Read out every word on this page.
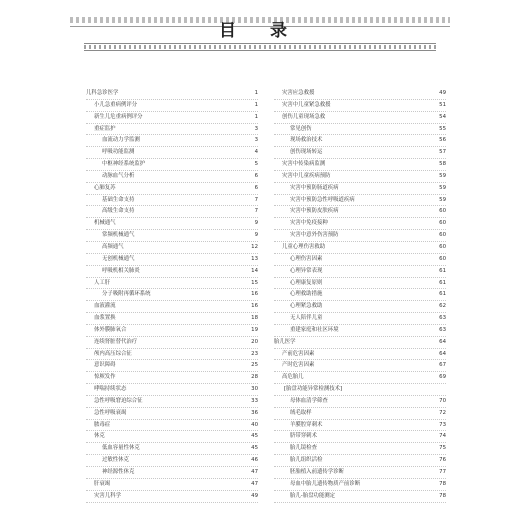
目 录
儿科急诊医学	1
小儿急重病例评分	1
新生儿危重病例评分	1
重症监护	3
血流动力学监测	3
呼吸功能监测	4
中枢神经系统监护	5
动脉血气分析	6
心肺复苏	6
基础生命支持	7
高级生命支持	7
机械通气	9
常频机械通气	9
高频通气	12
无创机械通气	13
呼吸机相关肺炎	14
人工肝	15
分子吸附再循环系统	16
血液灌流	16
血浆置换	18
体外膜肺氧合	19
连续肾脏替代治疗	20
颅内高压综合征	23
意识障碍	25
惊厥发作	28
哮喘持续状态	30
急性呼吸窘迫综合征	33
急性呼吸衰竭	36
脓毒症	40
休克	45
低血容量性休克	45
过敏性休克	46
神经源性休克	47
肝衰竭	47
灾害儿科学	49
灾害应急救援	49
灾害中儿童紧急救援	51
创伤儿童现场急救	54
常见创伤	55
现场救治技术	56
创伤现场转运	57
灾害中传染病监测	58
灾害中儿童疾病预防	59
灾害中预防肠道疾病	59
灾害中预防急性呼吸道疾病	59
灾害中预防皮肤疾病	60
灾害中免疫接种	60
灾害中意外伤害预防	60
儿童心理伤害救助	60
心理伤害因素	60
心理异常表现	61
心理康复原则	61
心理救助措施	61
心理紧急救助	62
无人陪伴儿童	63
重建家庭和社区环境	63
胎儿医学	64
产前危害因素	64
产时危害因素	67
高危胎儿	69
[胎盘功能异常检测技术]
母体血清学筛查	70
绒毛取样	72
羊膜腔穿刺术	73
脐带穿刺术	74
胎儿镜检查	75
胎儿组织活检	76
胚胎植入前遗传学诊断	77
母血中胎儿遗传物质产前诊断	78
胎儿-胎盘功能测定	78
